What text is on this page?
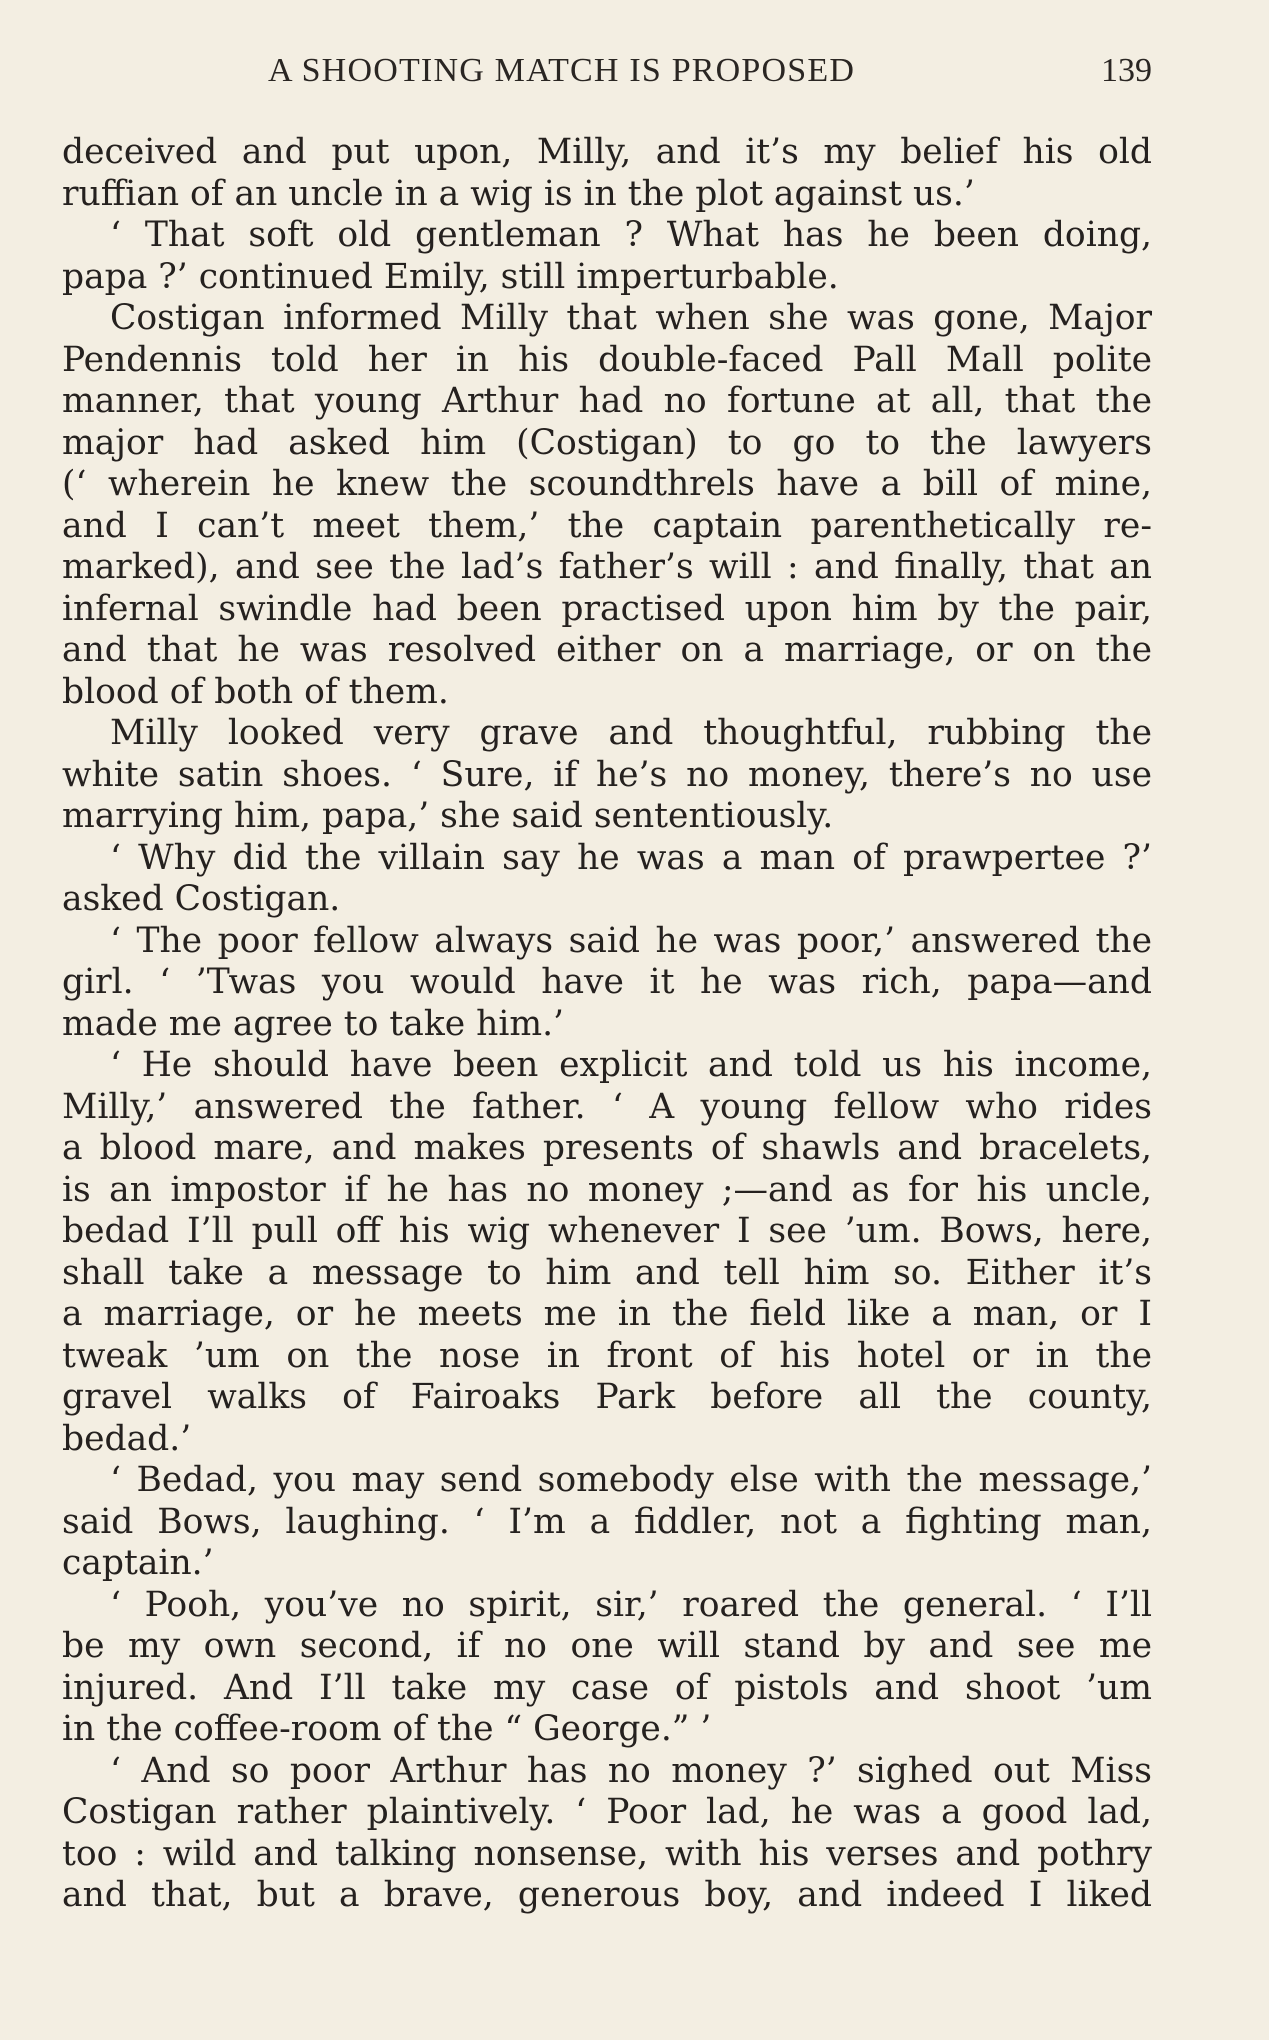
A SHOOTING MATCH IS PROPOSED	139
deceived and put upon, Milly, and it’s my belief his old
ruffian of an uncle in a wig is in the plot against us.’
‘ That soft old gentleman ? What has he been doing,
papa ?’ continued Emily, still imperturbable.
Costigan informed Milly that when she was gone, Major
Pendennis told her in his double-faced Pall Mall polite
manner, that young Arthur had no fortune at all, that the
major had asked him (Costigan) to go to the lawyers
(‘ wherein he knew the scoundthrels have a bill of mine,
and I can’t meet them,’ the captain parenthetically re-
marked), and see the lad’s father’s will : and finally, that an
infernal swindle had been practised upon him by the pair,
and that he was resolved either on a marriage, or on the
blood of both of them.
Milly looked very grave and thoughtful, rubbing the
white satin shoes. ‘ Sure, if he’s no money, there’s no use
marrying him, papa,’ she said sententiously.
‘ Why did the villain say he was a man of prawpertee ?’
asked Costigan.
‘ The poor fellow always said he was poor,’ answered the
girl. ‘ ’Twas you would have it he was rich, papa—and
made me agree to take him.’
‘ He should have been explicit and told us his income,
Milly,’ answered the father. ‘ A young fellow who rides
a blood mare, and makes presents of shawls and bracelets,
is an impostor if he has no money ;—and as for his uncle,
bedad I’ll pull off his wig whenever I see ’um. Bows, here,
shall take a message to him and tell him so. Either it’s
a marriage, or he meets me in the field like a man, or I
tweak ’um on the nose in front of his hotel or in the
gravel walks of Fairoaks Park before all the county,
bedad.’
‘ Bedad, you may send somebody else with the message,’
said Bows, laughing. ‘ I’m a fiddler, not a fighting man,
captain.’
‘ Pooh, you’ve no spirit, sir,’ roared the general. ‘ I’ll
be my own second, if no one will stand by and see me
injured. And I’ll take my case of pistols and shoot ’um
in the coffee-room of the “ George.” ’
‘ And so poor Arthur has no money ?’ sighed out Miss
Costigan rather plaintively. ‘ Poor lad, he was a good lad,
too : wild and talking nonsense, with his verses and pothry
and that, but a brave, generous boy, and indeed I liked
